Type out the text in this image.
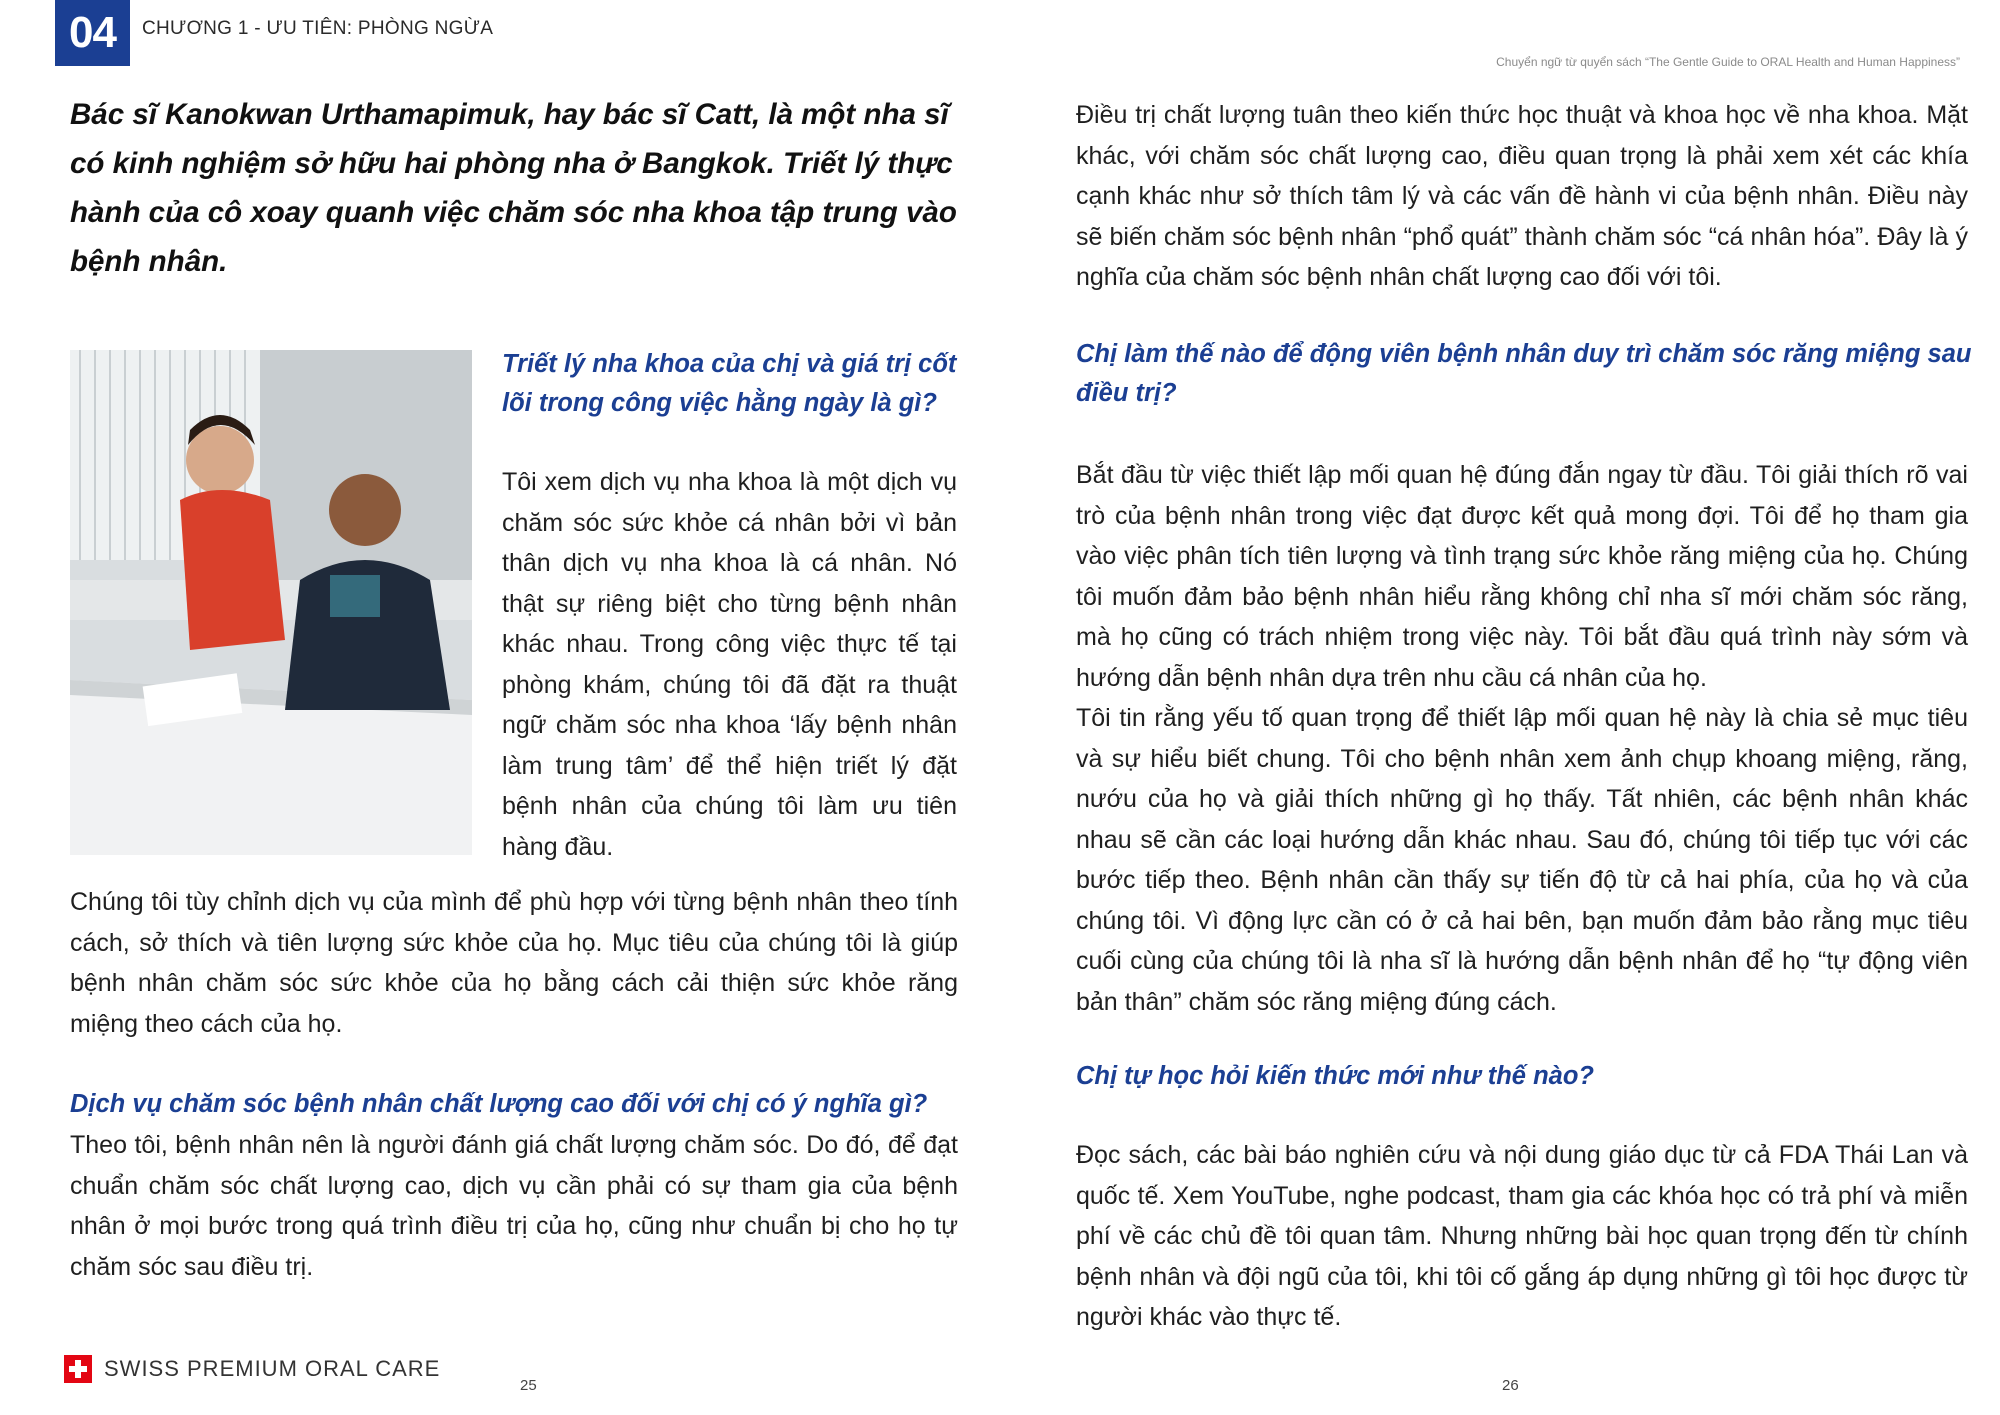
04	CHƯƠNG 1 - ƯU TIÊN: PHÒNG NGỪA
Chuyển ngữ từ quyển sách “The Gentle Guide to ORAL Health and Human Happiness”
Bác sĩ Kanokwan Urthamapimuk, hay bác sĩ Catt, là một nha sĩ có kinh nghiệm sở hữu hai phòng nha ở Bangkok. Triết lý thực hành của cô xoay quanh việc chăm sóc nha khoa tập trung vào bệnh nhân.
Triết lý nha khoa của chị và giá trị cốt lõi trong công việc hằng ngày là gì?
Tôi xem dịch vụ nha khoa là một dịch vụ chăm sóc sức khỏe cá nhân bởi vì bản thân dịch vụ nha khoa là cá nhân. Nó thật sự riêng biệt cho từng bệnh nhân khác nhau. Trong công việc thực tế tại phòng khám, chúng tôi đã đặt ra thuật ngữ chăm sóc nha khoa ‘lấy bệnh nhân làm trung tâm’ để thể hiện triết lý đặt bệnh nhân của chúng tôi làm ưu tiên hàng đầu.
Chúng tôi tùy chỉnh dịch vụ của mình để phù hợp với từng bệnh nhân theo tính cách, sở thích và tiên lượng sức khỏe của họ. Mục tiêu của chúng tôi là giúp bệnh nhân chăm sóc sức khỏe của họ bằng cách cải thiện sức khỏe răng miệng theo cách của họ.
Dịch vụ chăm sóc bệnh nhân chất lượng cao đối với chị có ý nghĩa gì?
Theo tôi, bệnh nhân nên là người đánh giá chất lượng chăm sóc. Do đó, để đạt chuẩn chăm sóc chất lượng cao, dịch vụ cần phải có sự tham gia của bệnh nhân ở mọi bước trong quá trình điều trị của họ, cũng như chuẩn bị cho họ tự chăm sóc sau điều trị.
SWISS PREMIUM ORAL CARE
25
Điều trị chất lượng tuân theo kiến thức học thuật và khoa học về nha khoa. Mặt khác, với chăm sóc chất lượng cao, điều quan trọng là phải xem xét các khía cạnh khác như sở thích tâm lý và các vấn đề hành vi của bệnh nhân. Điều này sẽ biến chăm sóc bệnh nhân “phổ quát” thành chăm sóc “cá nhân hóa”. Đây là ý nghĩa của chăm sóc bệnh nhân chất lượng cao đối với tôi.
Chị làm thế nào để động viên bệnh nhân duy trì chăm sóc răng miệng sau điều trị?
Bắt đầu từ việc thiết lập mối quan hệ đúng đắn ngay từ đầu. Tôi giải thích rõ vai trò của bệnh nhân trong việc đạt được kết quả mong đợi. Tôi để họ tham gia vào việc phân tích tiên lượng và tình trạng sức khỏe răng miệng của họ. Chúng tôi muốn đảm bảo bệnh nhân hiểu rằng không chỉ nha sĩ mới chăm sóc răng, mà họ cũng có trách nhiệm trong việc này. Tôi bắt đầu quá trình này sớm và hướng dẫn bệnh nhân dựa trên nhu cầu cá nhân của họ.
Tôi tin rằng yếu tố quan trọng để thiết lập mối quan hệ này là chia sẻ mục tiêu và sự hiểu biết chung. Tôi cho bệnh nhân xem ảnh chụp khoang miệng, răng, nướu của họ và giải thích những gì họ thấy. Tất nhiên, các bệnh nhân khác nhau sẽ cần các loại hướng dẫn khác nhau. Sau đó, chúng tôi tiếp tục với các bước tiếp theo. Bệnh nhân cần thấy sự tiến độ từ cả hai phía, của họ và của chúng tôi. Vì động lực cần có ở cả hai bên, bạn muốn đảm bảo rằng mục tiêu cuối cùng của chúng tôi là nha sĩ là hướng dẫn bệnh nhân để họ “tự động viên bản thân” chăm sóc răng miệng đúng cách.
Chị tự học hỏi kiến thức mới như thế nào?
Đọc sách, các bài báo nghiên cứu và nội dung giáo dục từ cả FDA Thái Lan và quốc tế. Xem YouTube, nghe podcast, tham gia các khóa học có trả phí và miễn phí về các chủ đề tôi quan tâm. Nhưng những bài học quan trọng đến từ chính bệnh nhân và đội ngũ của tôi, khi tôi cố gắng áp dụng những gì tôi học được từ người khác vào thực tế.
26
